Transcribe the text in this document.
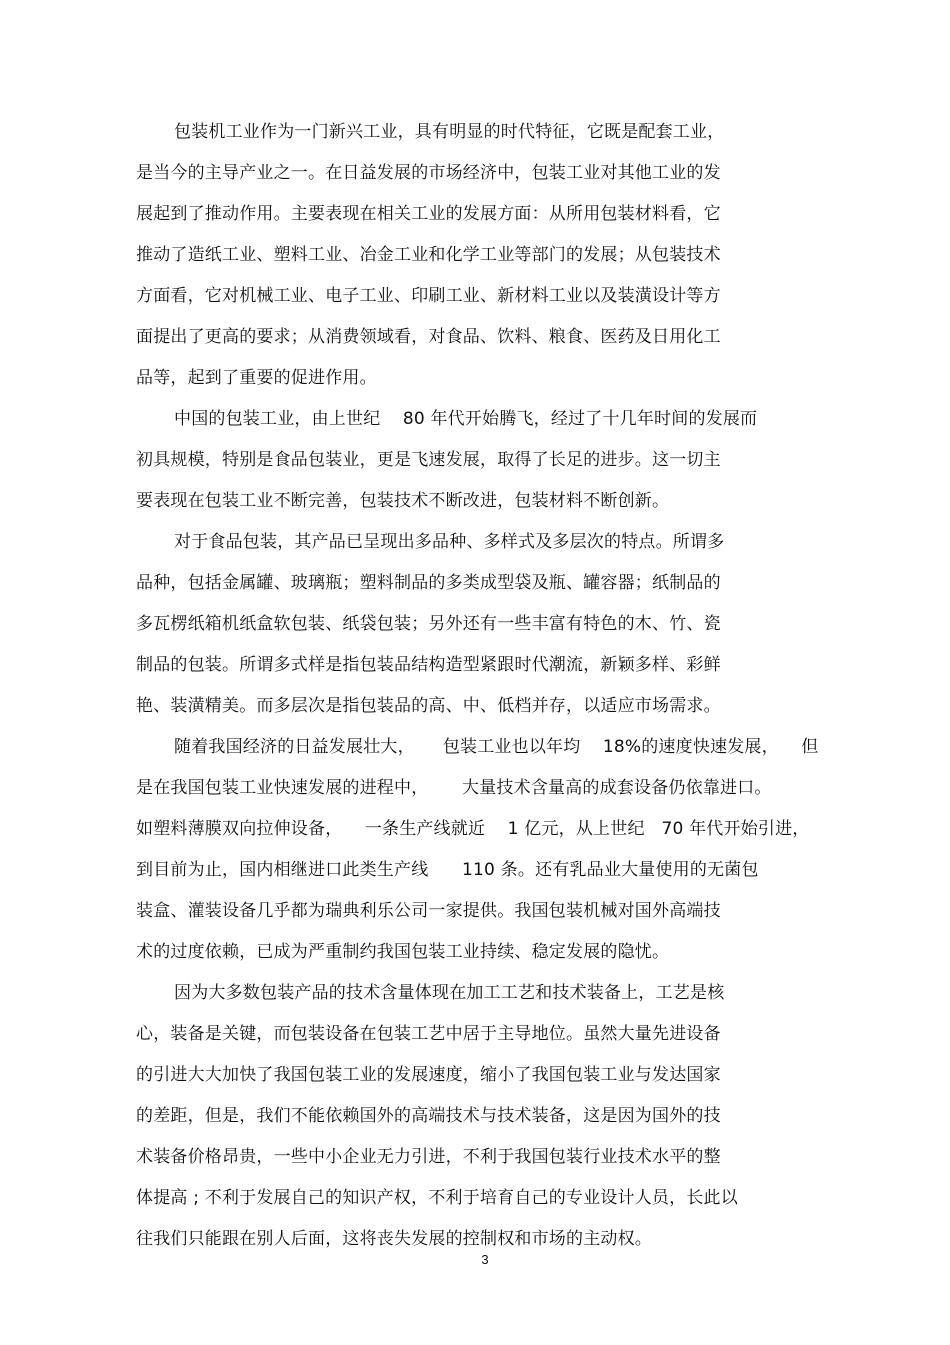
包装机工业作为一门新兴工业，具有明显的时代特征，它既是配套工业，
是当今的主导产业之一。在日益发展的市场经济中，包装工业对其他工业的发
展起到了推动作用。主要表现在相关工业的发展方面：从所用包装材料看，它
推动了造纸工业、塑料工业、冶金工业和化学工业等部门的发展；从包装技术
方面看，它对机械工业、电子工业、印刷工业、新材料工业以及装潢设计等方
面提出了更高的要求；从消费领域看，对食品、饮料、粮食、医药及日用化工
品等，起到了重要的促进作用。
中国的包装工业，由上世纪    80 年代开始腾飞，经过了十几年时间的发展而
初具规模，特别是食品包装业，更是飞速发展，取得了长足的进步。这一切主
要表现在包装工业不断完善，包装技术不断改进，包装材料不断创新。
对于食品包装，其产品已呈现出多品种、多样式及多层次的特点。所谓多
品种，包括金属罐、玻璃瓶；塑料制品的多类成型袋及瓶、罐容器；纸制品的
多瓦楞纸箱机纸盒软包装、纸袋包装；另外还有一些丰富有特色的木、竹、瓷
制品的包装。所谓多式样是指包装品结构造型紧跟时代潮流，新颖多样、彩鲜
艳、装潢精美。而多层次是指包装品的高、中、低档并存，以适应市场需求。
随着我国经济的日益发展壮大，     包装工业也以年均    18%的速度快速发展，    但
是在我国包装工业快速发展的进程中，      大量技术含量高的成套设备仍依靠进口。
如塑料薄膜双向拉伸设备，    一条生产线就近    1 亿元，从上世纪   70 年代开始引进，
到目前为止，国内相继进口此类生产线      110 条。还有乳品业大量使用的无菌包
装盒、灌装设备几乎都为瑞典利乐公司一家提供。我国包装机械对国外高端技
术的过度依赖，已成为严重制约我国包装工业持续、稳定发展的隐忧。
因为大多数包装产品的技术含量体现在加工工艺和技术装备上，工艺是核
心，装备是关键，而包装设备在包装工艺中居于主导地位。虽然大量先进设备
的引进大大加快了我国包装工业的发展速度，缩小了我国包装工业与发达国家
的差距，但是，我们不能依赖国外的高端技术与技术装备，这是因为国外的技
术装备价格昂贵，一些中小企业无力引进，不利于我国包装行业技术水平的整
体提高 ; 不利于发展自己的知识产权，不利于培育自己的专业设计人员，长此以
往我们只能跟在别人后面，这将丧失发展的控制权和市场的主动权。
3
